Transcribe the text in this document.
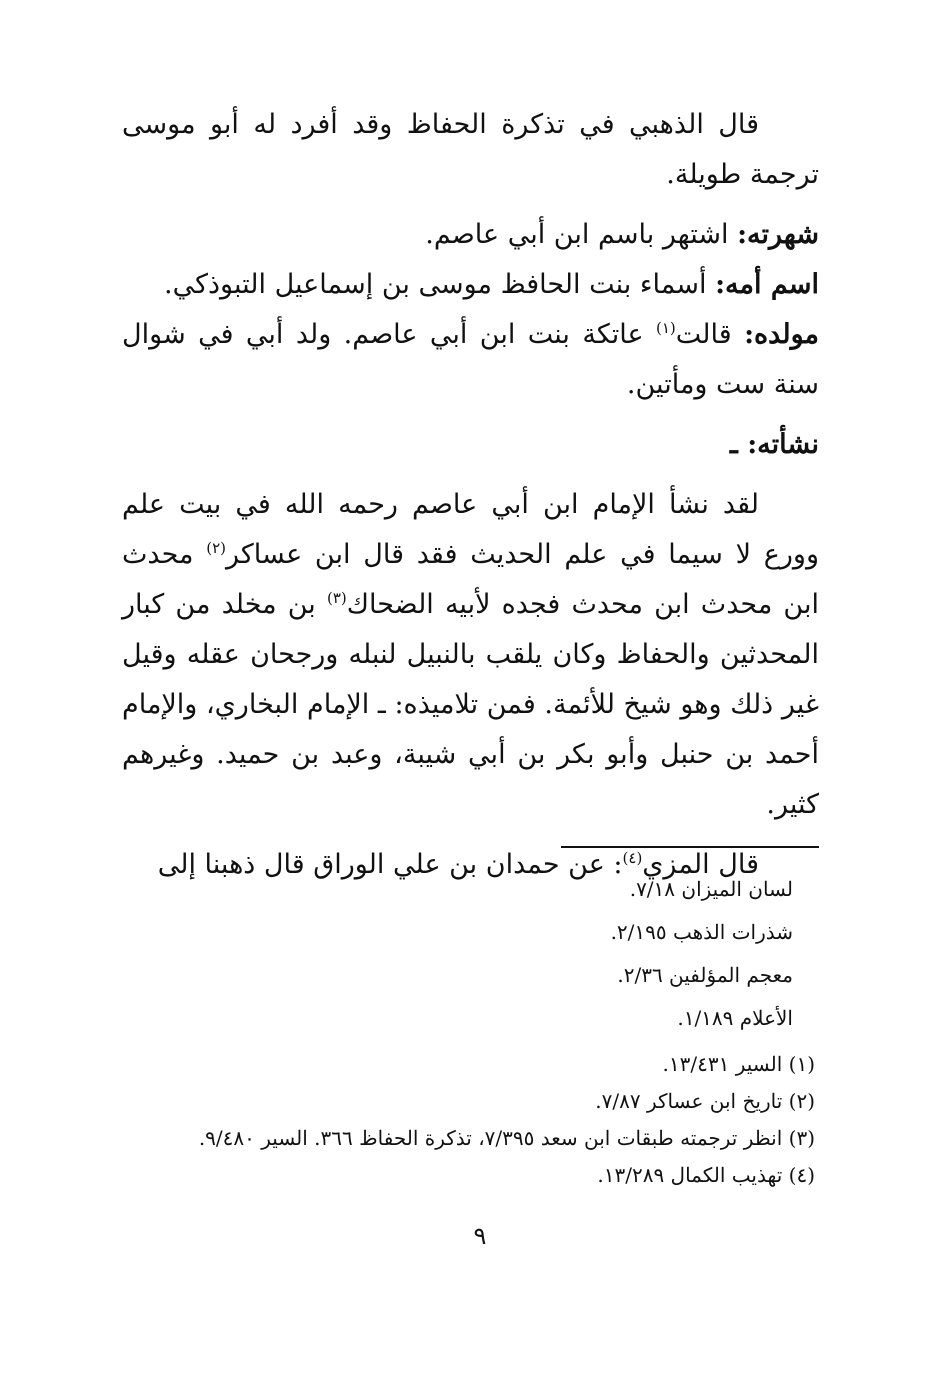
قال الذهبي في تذكرة الحفاظ وقد أفرد له أبو موسى ترجمة طويلة.

شهرته: اشتهر باسم ابن أبي عاصم.

اسم أمه: أسماء بنت الحافظ موسى بن إسماعيل التبوذكي.

مولده: قالت$^{(١)}$ عاتكة بنت ابن أبي عاصم. ولد أبي في شوال سنة ست ومأتين.

نشأته: ـ

لقد نشأ الإمام ابن أبي عاصم رحمه الله في بيت علم وورع لا سيما في علم الحديث فقد قال ابن عساكر$^{(٢)}$ محدث ابن محدث ابن محدث فجده لأبيه الضحاك$^{(٣)}$ بن مخلد من كبار المحدثين والحفاظ وكان يلقب بالنبيل لنبله ورجحان عقله وقيل غير ذلك وهو شيخ للأئمة. فمن تلاميذه: ـ الإمام البخاري، والإمام أحمد بن حنبل وأبو بكر بن أبي شيبة، وعبد بن حميد. وغيرهم كثير.

قال المزي$^{(٤)}$: عن حمدان بن علي الوراق قال ذهبنا إلى

لسان الميزان ٧/١٨.
شذرات الذهب ٢/١٩٥.
معجم المؤلفين ٢/٣٦.
الأعلام ١/١٨٩.
(١) السير ١٣/٤٣١.
(٢) تاريخ ابن عساكر ٧/٨٧.
(٣) انظر ترجمته طبقات ابن سعد ٧/٣٩٥، تذكرة الحفاظ ٣٦٦. السير ٩/٤٨٠.
(٤) تهذيب الكمال ١٣/٢٨٩.
٩
